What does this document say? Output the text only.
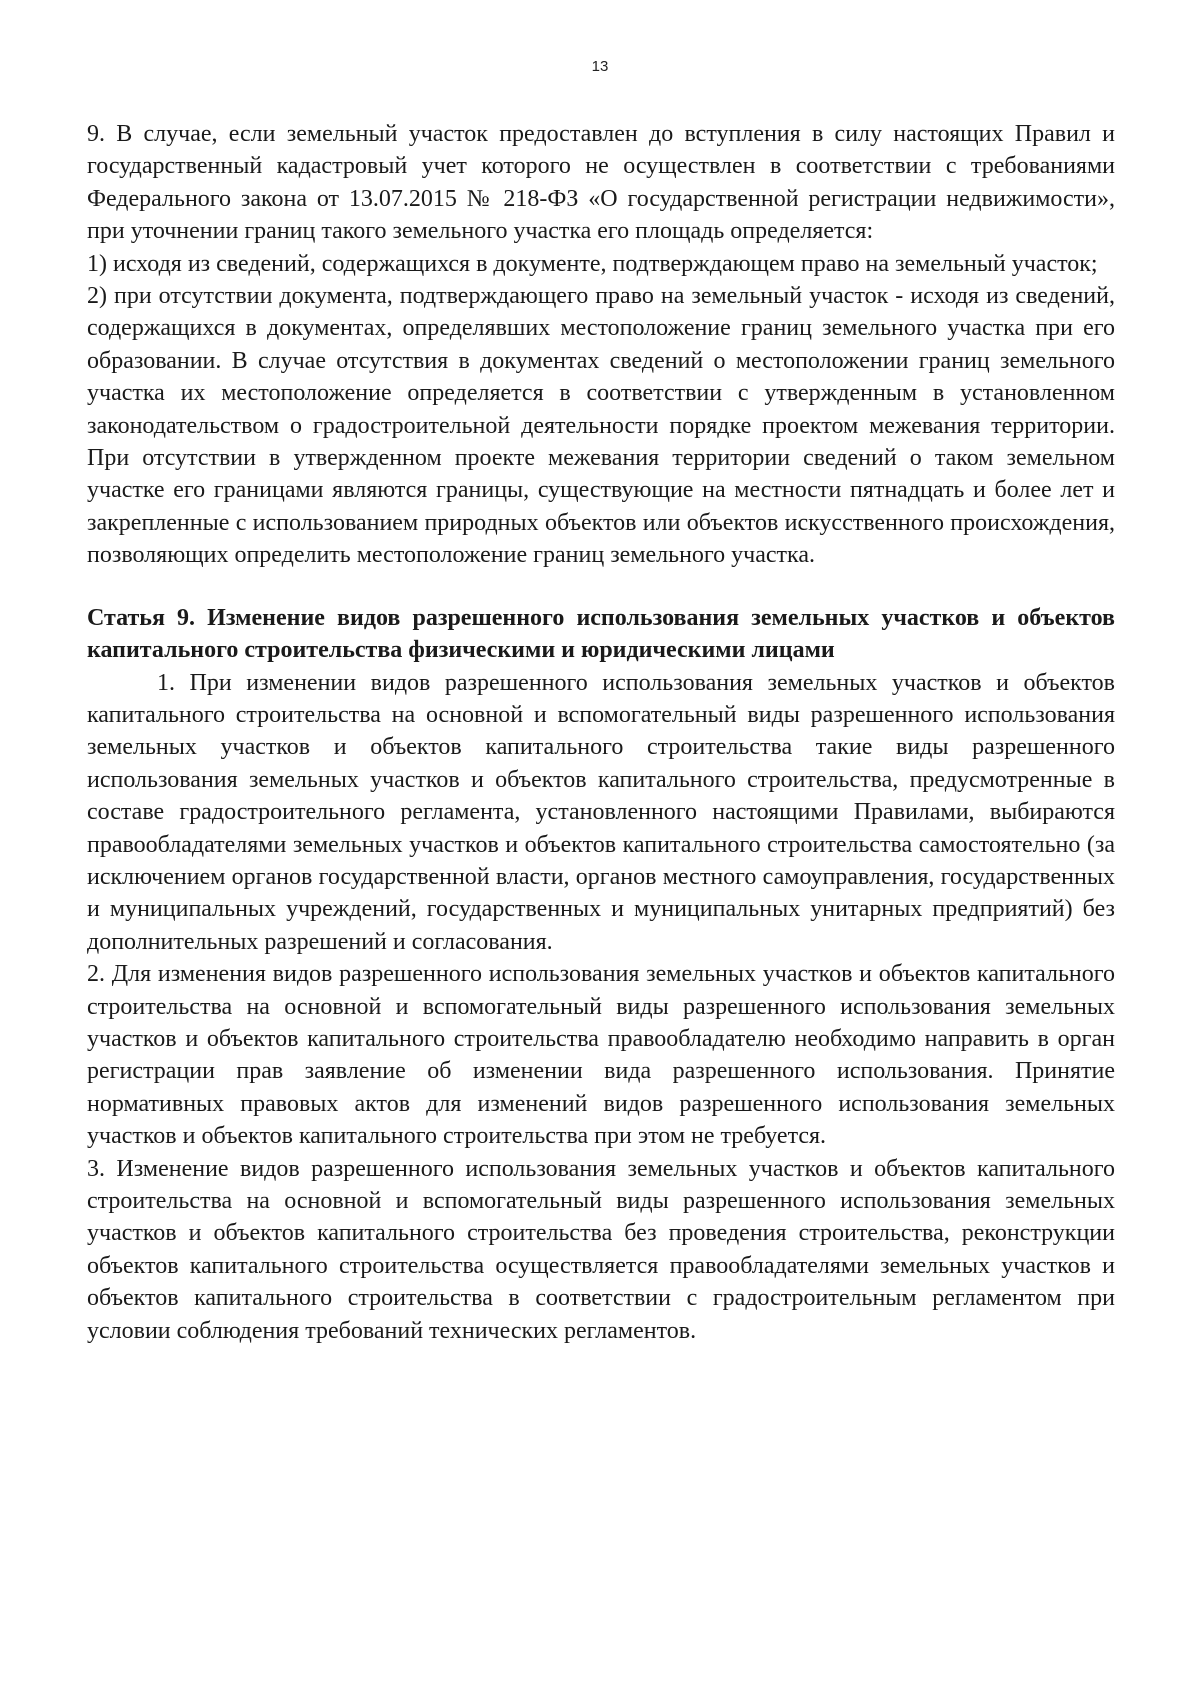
13

9. В случае, если земельный участок предоставлен до вступления в силу настоящих Правил и государственный кадастровый учет которого не осуществлен в соответствии с требованиями Федерального закона от 13.07.2015 № 218-ФЗ «О государственной регистрации недвижимости», при уточнении границ такого земельного участка его площадь определяется:

1) исходя из сведений, содержащихся в документе, подтверждающем право на земельный участок;

2) при отсутствии документа, подтверждающего право на земельный участок - исходя из сведений, содержащихся в документах, определявших местоположение границ земельного участка при его образовании. В случае отсутствия в документах сведений о местоположении границ земельного участка их местоположение определяется в соответствии с утвержденным в установленном законодательством о градостроительной деятельности порядке проектом межевания территории. При отсутствии в утвержденном проекте межевания территории сведений о таком земельном участке его границами являются границы, существующие на местности пятнадцать и более лет и закрепленные с использованием природных объектов или объектов искусственного происхождения, позволяющих определить местоположение границ земельного участка.

Статья 9. Изменение видов разрешенного использования земельных участков и объектов капитального строительства физическими и юридическими лицами

1. При изменении видов разрешенного использования земельных участков и объектов капитального строительства на основной и вспомогательный виды разрешенного использования земельных участков и объектов капитального строительства такие виды разрешенного использования земельных участков и объектов капитального строительства, предусмотренные в составе градостроительного регламента, установленного настоящими Правилами, выбираются правообладателями земельных участков и объектов капитального строительства самостоятельно (за исключением органов государственной власти, органов местного самоуправления, государственных и муниципальных учреждений, государственных и муниципальных унитарных предприятий) без дополнительных разрешений и согласования.

2. Для изменения видов разрешенного использования земельных участков и объектов капитального строительства на основной и вспомогательный виды разрешенного использования земельных участков и объектов капитального строительства правообладателю необходимо направить в орган регистрации прав заявление об изменении вида разрешенного использования. Принятие нормативных правовых актов для изменений видов разрешенного использования земельных участков и объектов капитального строительства при этом не требуется.

3. Изменение видов разрешенного использования земельных участков и объектов капитального строительства на основной и вспомогательный виды разрешенного использования земельных участков и объектов капитального строительства без проведения строительства, реконструкции объектов капитального строительства осуществляется правообладателями земельных участков и объектов капитального строительства в соответствии с градостроительным регламентом при условии соблюдения требований технических регламентов.
